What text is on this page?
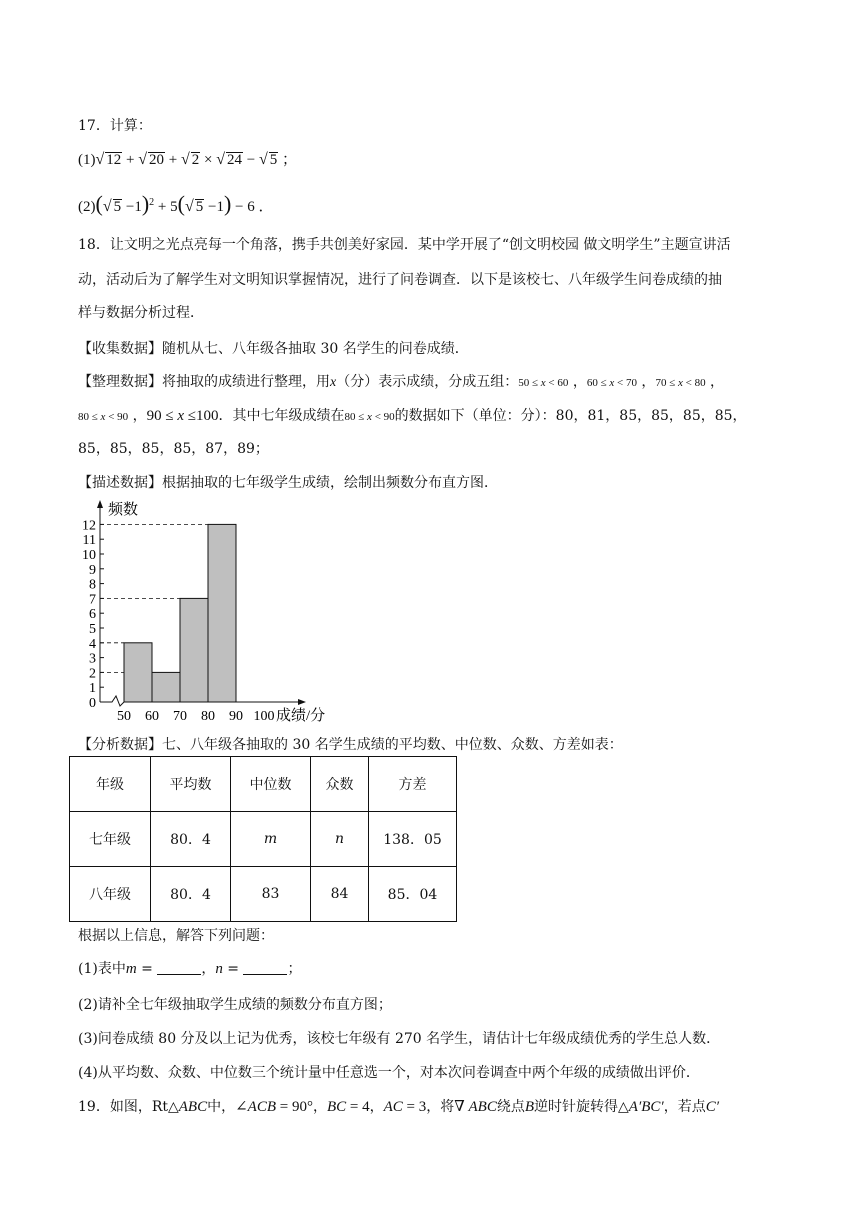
17．计算：
(1)√ 12 + √ 20 + √ 2 × √ 24 − √ 5 ；
(2)(√ 5 −1)$^2$ + 5(√ 5 −1) − 6 ．
18．让文明之光点亮每一个角落，携手共创美好家园．某中学开展了“创文明校园 做文明学生”主题宣讲活
动，活动后为了解学生对文明知识掌握情况，进行了问卷调查．以下是该校七、八年级学生问卷成绩的抽
样与数据分析过程．
【收集数据】随机从七、八年级各抽取 30 名学生的问卷成绩．
【整理数据】将抽取的成绩进行整理，用x（分）表示成绩，分成五组：50 ≤ x < 60 ，60 ≤ x < 70 ，70 ≤ x < 80 ，
80 ≤ x < 90 ，90 ≤ x ≤100．其中七年级成绩在80 ≤ x < 90的数据如下（单位：分）：80，81，85，85，85，85，
85，85，85，85，87，89；
【描述数据】根据抽取的七年级学生成绩，绘制出频数分布直方图．
0
1
2
3
4
5
6
7
8
9
10
11
12
频数
50 60 70 80 90 100 成绩/分
【分析数据】七、八年级各抽取的 30 名学生成绩的平均数、中位数、众数、方差如表：
年级	平均数	中位数	众数	方差
七年级	80．4	m	n	138．05
八年级	80．4	83	84	85．04
根据以上信息，解答下列问题：
(1)表中m =	，n =	；
(2)请补全七年级抽取学生成绩的频数分布直方图；
(3)问卷成绩 80 分及以上记为优秀，该校七年级有 270 名学生，请估计七年级成绩优秀的学生总人数．
(4)从平均数、众数、中位数三个统计量中任意选一个，对本次问卷调查中两个年级的成绩做出评价．
19．如图，Rt△ABC中，∠ACB = 90°，BC = 4，AC = 3，将∇ ABC绕点B逆时针旋转得△A′BC′，若点C′
